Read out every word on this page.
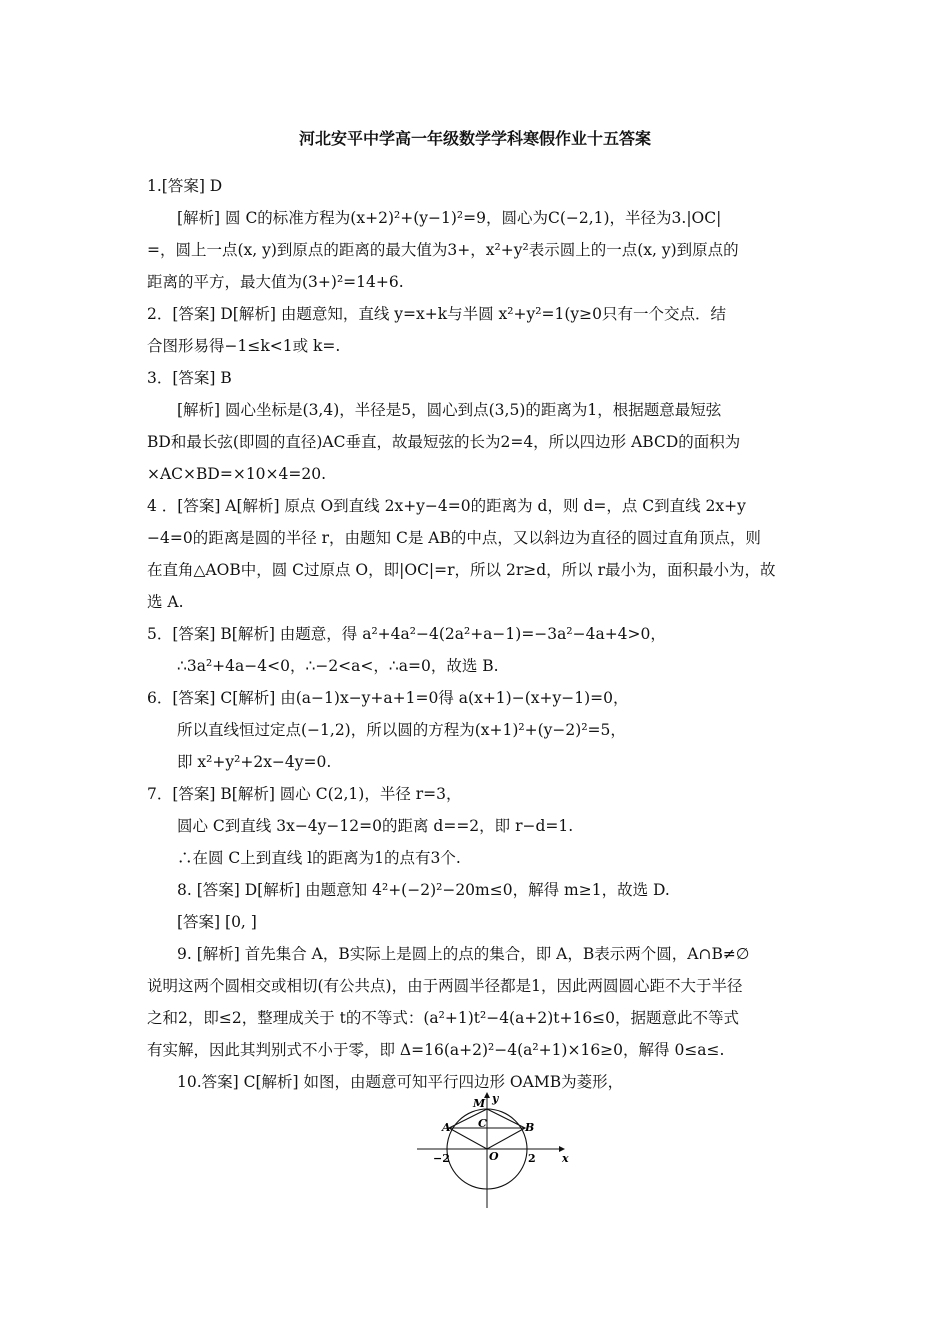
河北安平中学高一年级数学学科寒假作业十五答案
1.[答案] D
[解析] 圆 C的标准方程为(x+2)²+(y−1)²=9，圆心为C(−2,1)，半径为3.|OC|
=，圆上一点(x, y)到原点的距离的最大值为3+，x²+y²表示圆上的一点(x, y)到原点的
距离的平方，最大值为(3+)²=14+6.
2．[答案] D[解析] 由题意知，直线 y=x+k与半圆 x²+y²=1(y≥0只有一个交点．结
合图形易得−1≤k<1或 k=.
3．[答案] B
[解析] 圆心坐标是(3,4)，半径是5，圆心到点(3,5)的距离为1，根据题意最短弦
BD和最长弦(即圆的直径)AC垂直，故最短弦的长为2=4，所以四边形 ABCD的面积为
×AC×BD=×10×4=20.
4 ．[答案] A[解析] 原点 O到直线 2x+y−4=0的距离为 d，则 d=，点 C到直线 2x+y
−4=0的距离是圆的半径 r，由题知 C是 AB的中点，又以斜边为直径的圆过直角顶点，则
在直角△AOB中，圆 C过原点 O，即|OC|=r，所以 2r≥d，所以 r最小为，面积最小为，故
选 A.
5．[答案] B[解析] 由题意，得 a²+4a²−4(2a²+a−1)=−3a²−4a+4>0，
∴3a²+4a−4<0，∴−2<a<，∴a=0，故选 B.
6．[答案] C[解析] 由(a−1)x−y+a+1=0得 a(x+1)−(x+y−1)=0，
所以直线恒过定点(−1,2)，所以圆的方程为(x+1)²+(y−2)²=5，
即 x²+y²+2x−4y=0.
7．[答案] B[解析] 圆心 C(2,1)，半径 r=3，
圆心 C到直线 3x−4y−12=0的距离 d==2，即 r−d=1.
∴在圆 C上到直线 l的距离为1的点有3个.
8. [答案] D[解析] 由题意知 4²+(−2)²−20m≤0，解得 m≥1，故选 D.
[答案] [0, ]
9. [解析] 首先集合 A，B实际上是圆上的点的集合，即 A，B表示两个圆，A∩B≠∅
说明这两个圆相交或相切(有公共点)，由于两圆半径都是1，因此两圆圆心距不大于半径
之和2，即≤2，整理成关于 t的不等式：(a²+1)t²−4(a+2)t+16≤0，据题意此不等式
有实解，因此其判别式不小于零，即 Δ=16(a+2)²−4(a²+1)×16≥0，解得 0≤a≤.
10.答案] C[解析] 如图，由题意可知平行四边形 OAMB为菱形，
y
x
M
A C	B
−2	O	2
